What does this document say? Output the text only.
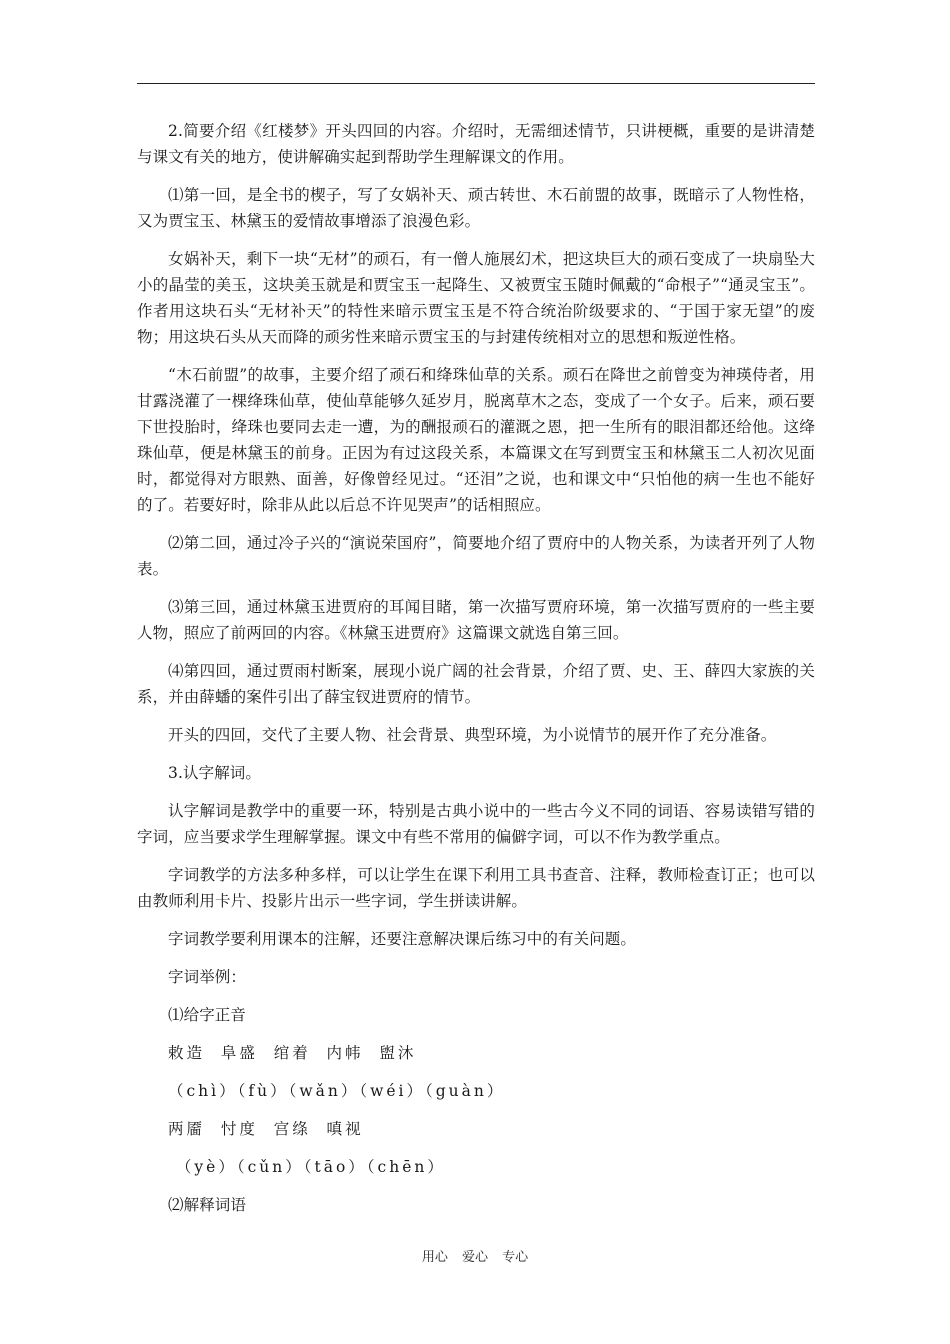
2.简要介绍《红楼梦》开头四回的内容。介绍时，无需细述情节，只讲梗概，重要的是讲清楚与课文有关的地方，使讲解确实起到帮助学生理解课文的作用。

⑴第一回，是全书的楔子，写了女娲补天、顽古转世、木石前盟的故事，既暗示了人物性格，又为贾宝玉、林黛玉的爱情故事增添了浪漫色彩。

女娲补天，剩下一块“无材”的顽石，有一僧人施展幻术，把这块巨大的顽石变成了一块扇坠大小的晶莹的美玉，这块美玉就是和贾宝玉一起降生、又被贾宝玉随时佩戴的“命根子”“通灵宝玉”。作者用这块石头“无材补天”的特性来暗示贾宝玉是不符合统治阶级要求的、“于国于家无望”的废物；用这块石头从天而降的顽劣性来暗示贾宝玉的与封建传统相对立的思想和叛逆性格。

“木石前盟”的故事，主要介绍了顽石和绛珠仙草的关系。顽石在降世之前曾变为神瑛侍者，用甘露浇灌了一棵绛珠仙草，使仙草能够久延岁月，脱离草木之态，变成了一个女子。后来，顽石要下世投胎时，绛珠也要同去走一遭，为的酬报顽石的灌溉之恩，把一生所有的眼泪都还给他。这绛珠仙草，便是林黛玉的前身。正因为有过这段关系，本篇课文在写到贾宝玉和林黛玉二人初次见面时，都觉得对方眼熟、面善，好像曾经见过。“还泪”之说，也和课文中“只怕他的病一生也不能好的了。若要好时，除非从此以后总不许见哭声”的话相照应。

⑵第二回，通过冷子兴的“演说荣国府”，简要地介绍了贾府中的人物关系，为读者开列了人物表。

⑶第三回，通过林黛玉进贾府的耳闻目睹，第一次描写贾府环境，第一次描写贾府的一些主要人物，照应了前两回的内容。《林黛玉进贾府》这篇课文就选自第三回。

⑷第四回，通过贾雨村断案，展现小说广阔的社会背景，介绍了贾、史、王、薛四大家族的关系，并由薛蟠的案件引出了薛宝钗进贾府的情节。

开头的四回，交代了主要人物、社会背景、典型环境，为小说情节的展开作了充分准备。

3.认字解词。

认字解词是教学中的重要一环，特别是古典小说中的一些古今义不同的词语、容易读错写错的字词，应当要求学生理解掌握。课文中有些不常用的偏僻字词，可以不作为教学重点。

字词教学的方法多种多样，可以让学生在课下利用工具书查音、注释，教师检查订正；也可以由教师利用卡片、投影片出示一些字词，学生拼读讲解。

字词教学要利用课本的注解，还要注意解决课后练习中的有关问题。

字词举例：

⑴给字正音

敕造  阜盛  绾着  内帏  盥沐

（chì）（fù）（wǎn）（wéi）（guàn）

两靥  忖度  宫绦  嗔视

（yè）（cǔn）（tāo）（chēn）

⑵解释词语

用心 爱心 专心
